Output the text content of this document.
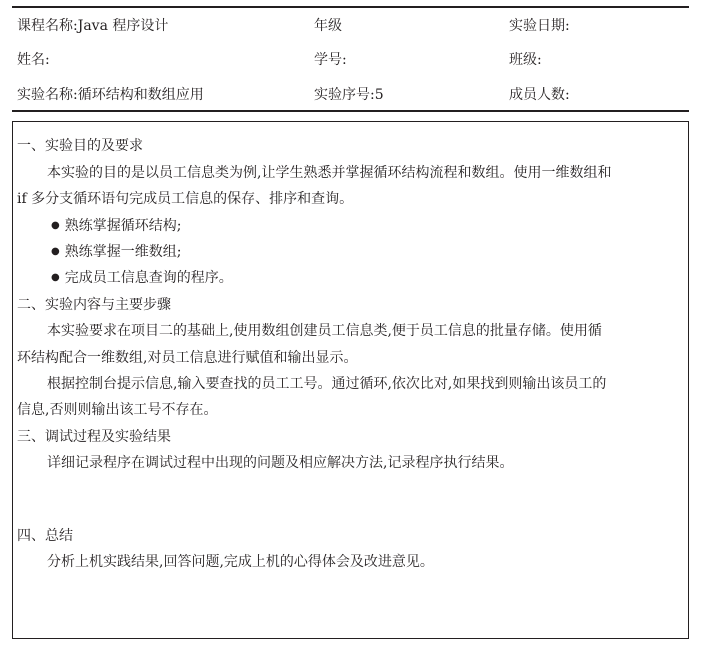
课程名称:Java 程序设计	年级	实验日期:
姓名:	学号:	班级:
实验名称:循环结构和数组应用	实验序号:5	成员人数:
一、实验目的及要求
本实验的目的是以员工信息类为例,让学生熟悉并掌握循环结构流程和数组。使用一维数组和
if 多分支循环语句完成员工信息的保存、排序和查询。
● 熟练掌握循环结构;
● 熟练掌握一维数组;
● 完成员工信息查询的程序。
二、实验内容与主要步骤
本实验要求在项目二的基础上,使用数组创建员工信息类,便于员工信息的批量存储。使用循
环结构配合一维数组,对员工信息进行赋值和输出显示。
根据控制台提示信息,输入要查找的员工工号。通过循环,依次比对,如果找到则输出该员工的
信息,否则则输出该工号不存在。
三、调试过程及实验结果
详细记录程序在调试过程中出现的问题及相应解决方法,记录程序执行结果。
四、总结
分析上机实践结果,回答问题,完成上机的心得体会及改进意见。
